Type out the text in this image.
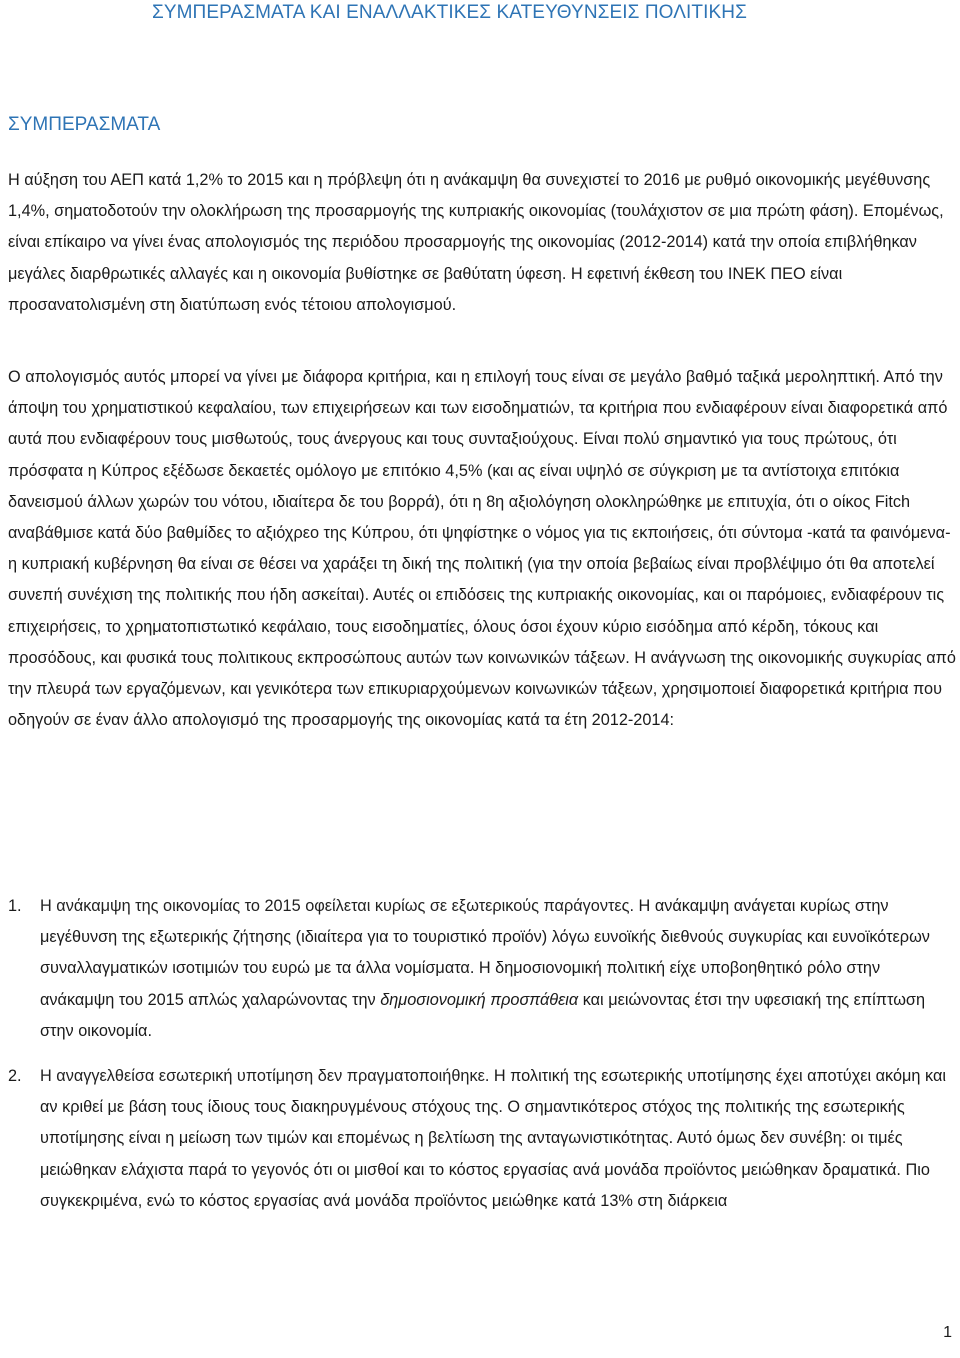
ΣΥΜΠΕΡΑΣΜΑΤΑ ΚΑΙ ΕΝΑΛΛΑΚΤΙΚΕΣ ΚΑΤΕΥΘΥΝΣΕΙΣ ΠΟΛΙΤΙΚΗΣ
ΣΥΜΠΕΡΑΣΜΑΤΑ

Η αύξηση του ΑΕΠ κατά 1,2% το 2015 και η πρόβλεψη ότι η ανάκαμψη θα συνεχιστεί το 2016 με ρυθμό οικονομικής μεγέθυνσης 1,4%, σηματοδοτούν την ολοκλήρωση της προσαρμογής της κυπριακής οικονομίας (τουλάχιστον σε μια πρώτη φάση). Επομένως, είναι επίκαιρο να γίνει ένας απολογισμός της περιόδου προσαρμογής της οικονομίας (2012-2014) κατά την οποία επιβλήθηκαν μεγάλες διαρθρωτικές αλλαγές και η οικονομία βυθίστηκε σε βαθύτατη ύφεση. Η εφετινή έκθεση του ΙΝΕΚ ΠΕΟ είναι προσανατολισμένη στη διατύπωση ενός τέτοιου απολογισμού.

Ο απολογισμός αυτός μπορεί να γίνει με διάφορα κριτήρια, και η επιλογή τους είναι σε μεγάλο βαθμό ταξικά μεροληπτική. Από την άποψη του χρηματιστικού κεφαλαίου, των επιχειρήσεων και των εισοδηματιών, τα κριτήρια που ενδιαφέρουν είναι διαφορετικά από αυτά που ενδιαφέρουν τους μισθωτούς, τους άνεργους και τους συνταξιούχους. Είναι πολύ σημαντικό για τους πρώτους, ότι πρόσφατα η Κύπρος εξέδωσε δεκαετές ομόλογο με επιτόκιο 4,5% (και ας είναι υψηλό σε σύγκριση με τα αντίστοιχα επιτόκια δανεισμού άλλων χωρών του νότου, ιδιαίτερα δε του βορρά), ότι η 8η αξιολόγηση ολοκληρώθηκε με επιτυχία, ότι ο οίκος Fitch αναβάθμισε κατά δύο βαθμίδες το αξιόχρεο της Κύπρου, ότι ψηφίστηκε ο νόμος για τις εκποιήσεις, ότι σύντομα -κατά τα φαινόμενα- η κυπριακή κυβέρνηση θα είναι σε θέσει να χαράξει τη δική της πολιτική (για την οποία βεβαίως είναι προβλέψιμο ότι θα αποτελεί συνεπή συνέχιση της πολιτικής που ήδη ασκείται). Αυτές οι επιδόσεις της κυπριακής οικονομίας, και οι παρόμοιες, ενδιαφέρουν τις επιχειρήσεις, το χρηματοπιστωτικό κεφάλαιο, τους εισοδηματίες, όλους όσοι έχουν κύριο εισόδημα από κέρδη, τόκους και προσόδους, και φυσικά τους πολιτικους εκπροσώπους αυτών των κοινωνικών τάξεων. Η ανάγνωση της οικονομικής συγκυρίας από την πλευρά των εργαζόμενων, και γενικότερα των επικυριαρχούμενων κοινωνικών τάξεων, χρησιμοποιεί διαφορετικά κριτήρια που οδηγούν σε έναν άλλο απολογισμό της προσαρμογής της οικονομίας κατά τα έτη 2012-2014:

1. Η ανάκαμψη της οικονομίας το 2015 οφείλεται κυρίως σε εξωτερικούς παράγοντες. Η ανάκαμψη ανάγεται κυρίως στην μεγέθυνση της εξωτερικής ζήτησης (ιδιαίτερα για το τουριστικό προϊόν) λόγω ευνοϊκής διεθνούς συγκυρίας και ευνοϊκότερων συναλλαγματικών ισοτιμιών του ευρώ με τα άλλα νομίσματα. Η δημοσιονομική πολιτική είχε υποβοηθητικό ρόλο στην ανάκαμψη του 2015 απλώς χαλαρώνοντας την δημοσιονομική προσπάθεια και μειώνοντας έτσι την υφεσιακή της επίπτωση στην οικονομία.
2. Η αναγγελθείσα εσωτερική υποτίμηση δεν πραγματοποιήθηκε. Η πολιτική της εσωτερικής υποτίμησης έχει αποτύχει ακόμη και αν κριθεί με βάση τους ίδιους τους διακηρυγμένους στόχους της. Ο σημαντικότερος στόχος της πολιτικής της εσωτερικής υποτίμησης είναι η μείωση των τιμών και επομένως η βελτίωση της ανταγωνιστικότητας. Αυτό όμως δεν συνέβη: οι τιμές μειώθηκαν ελάχιστα παρά το γεγονός ότι οι μισθοί και το κόστος εργασίας ανά μονάδα προϊόντος μειώθηκαν δραματικά. Πιο συγκεκριμένα, ενώ το κόστος εργασίας ανά μονάδα προϊόντος μειώθηκε κατά 13% στη διάρκεια
1
